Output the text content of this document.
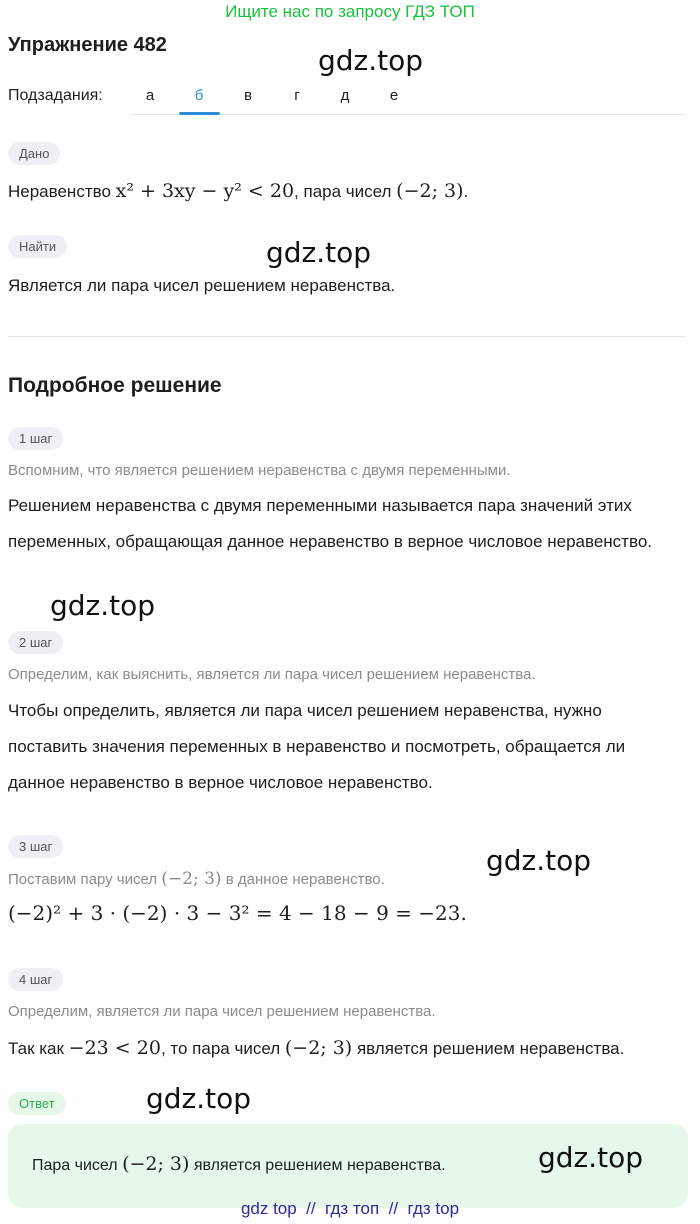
Ищите нас по запросу ГДЗ ТОП
Упражнение 482	gdz.top
Подзадания:	а	б	в	г	д	е
Дано
Неравенство x² + 3xy − y² < 20, пара чисел (−2; 3).
Найти	gdz.top
Является ли пара чисел решением неравенства.
Подробное решение
1 шаг
Вспомним, что является решением неравенства с двумя переменными.
Решением неравенства с двумя переменными называется пара значений этих переменных, обращающая данное неравенство в верное числовое неравенство.
gdz.top
2 шаг
Определим, как выяснить, является ли пара чисел решением неравенства.
Чтобы определить, является ли пара чисел решением неравенства, нужно поставить значения переменных в неравенство и посмотреть, обращается ли данное неравенство в верное числовое неравенство.
3 шаг	gdz.top
Поставим пару чисел (−2; 3) в данное неравенство.
(−2)² + 3 · (−2) · 3 − 3² = 4 − 18 − 9 = −23.
4 шаг
Определим, является ли пара чисел решением неравенства.
Так как −23 < 20, то пара чисел (−2; 3) является решением неравенства.
Ответ	gdz.top
Пара чисел (−2; 3) является решением неравенства.	gdz.top
gdz top  //  гдз топ  //  гдз top
